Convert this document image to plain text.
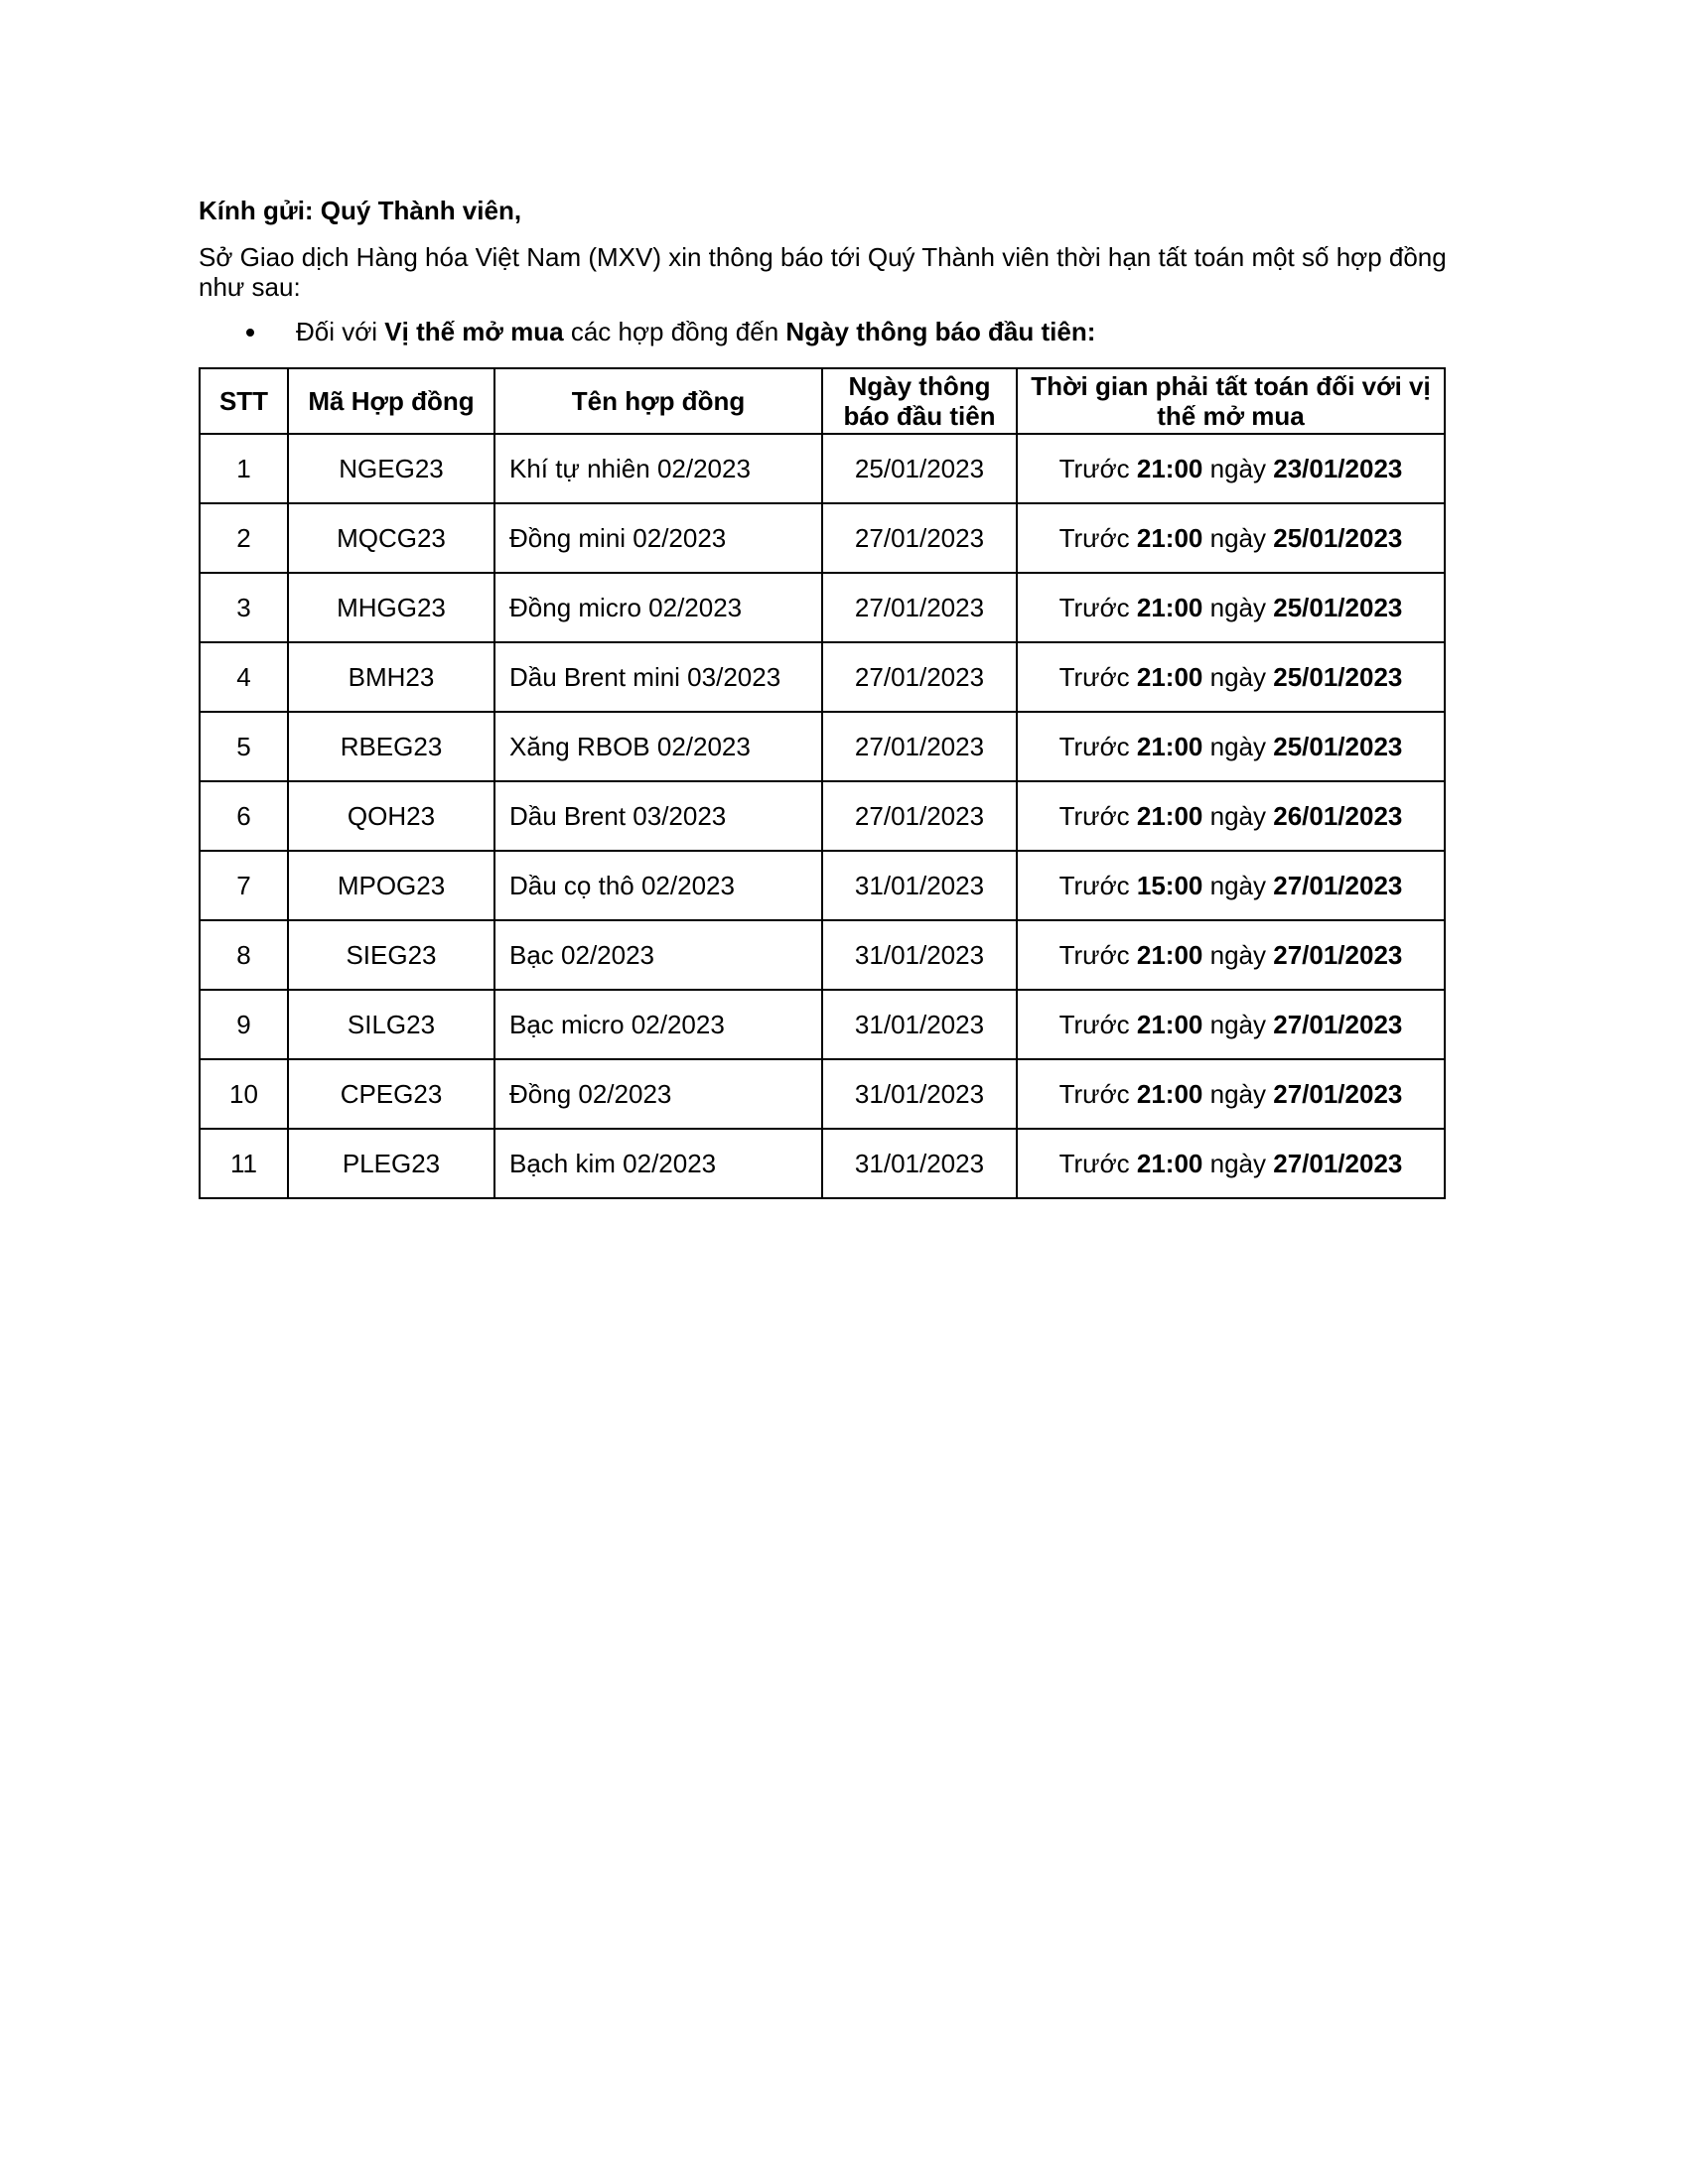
Kính gửi: Quý Thành viên,
Sở Giao dịch Hàng hóa Việt Nam (MXV) xin thông báo tới Quý Thành viên thời hạn tất toán một số hợp đồng như sau:
Đối với Vị thế mở mua các hợp đồng đến Ngày thông báo đầu tiên:
STT	Mã Hợp đồng	Tên hợp đồng	Ngày thông báo đầu tiên	Thời gian phải tất toán đối với vị thế mở mua
1	NGEG23	Khí tự nhiên 02/2023	25/01/2023	Trước 21:00 ngày 23/01/2023
2	MQCG23	Đồng mini 02/2023	27/01/2023	Trước 21:00 ngày 25/01/2023
3	MHGG23	Đồng micro 02/2023	27/01/2023	Trước 21:00 ngày 25/01/2023
4	BMH23	Dầu Brent mini 03/2023	27/01/2023	Trước 21:00 ngày 25/01/2023
5	RBEG23	Xăng RBOB 02/2023	27/01/2023	Trước 21:00 ngày 25/01/2023
6	QOH23	Dầu Brent 03/2023	27/01/2023	Trước 21:00 ngày 26/01/2023
7	MPOG23	Dầu cọ thô 02/2023	31/01/2023	Trước 15:00 ngày 27/01/2023
8	SIEG23	Bạc 02/2023	31/01/2023	Trước 21:00 ngày 27/01/2023
9	SILG23	Bạc micro 02/2023	31/01/2023	Trước 21:00 ngày 27/01/2023
10	CPEG23	Đồng 02/2023	31/01/2023	Trước 21:00 ngày 27/01/2023
11	PLEG23	Bạch kim 02/2023	31/01/2023	Trước 21:00 ngày 27/01/2023
